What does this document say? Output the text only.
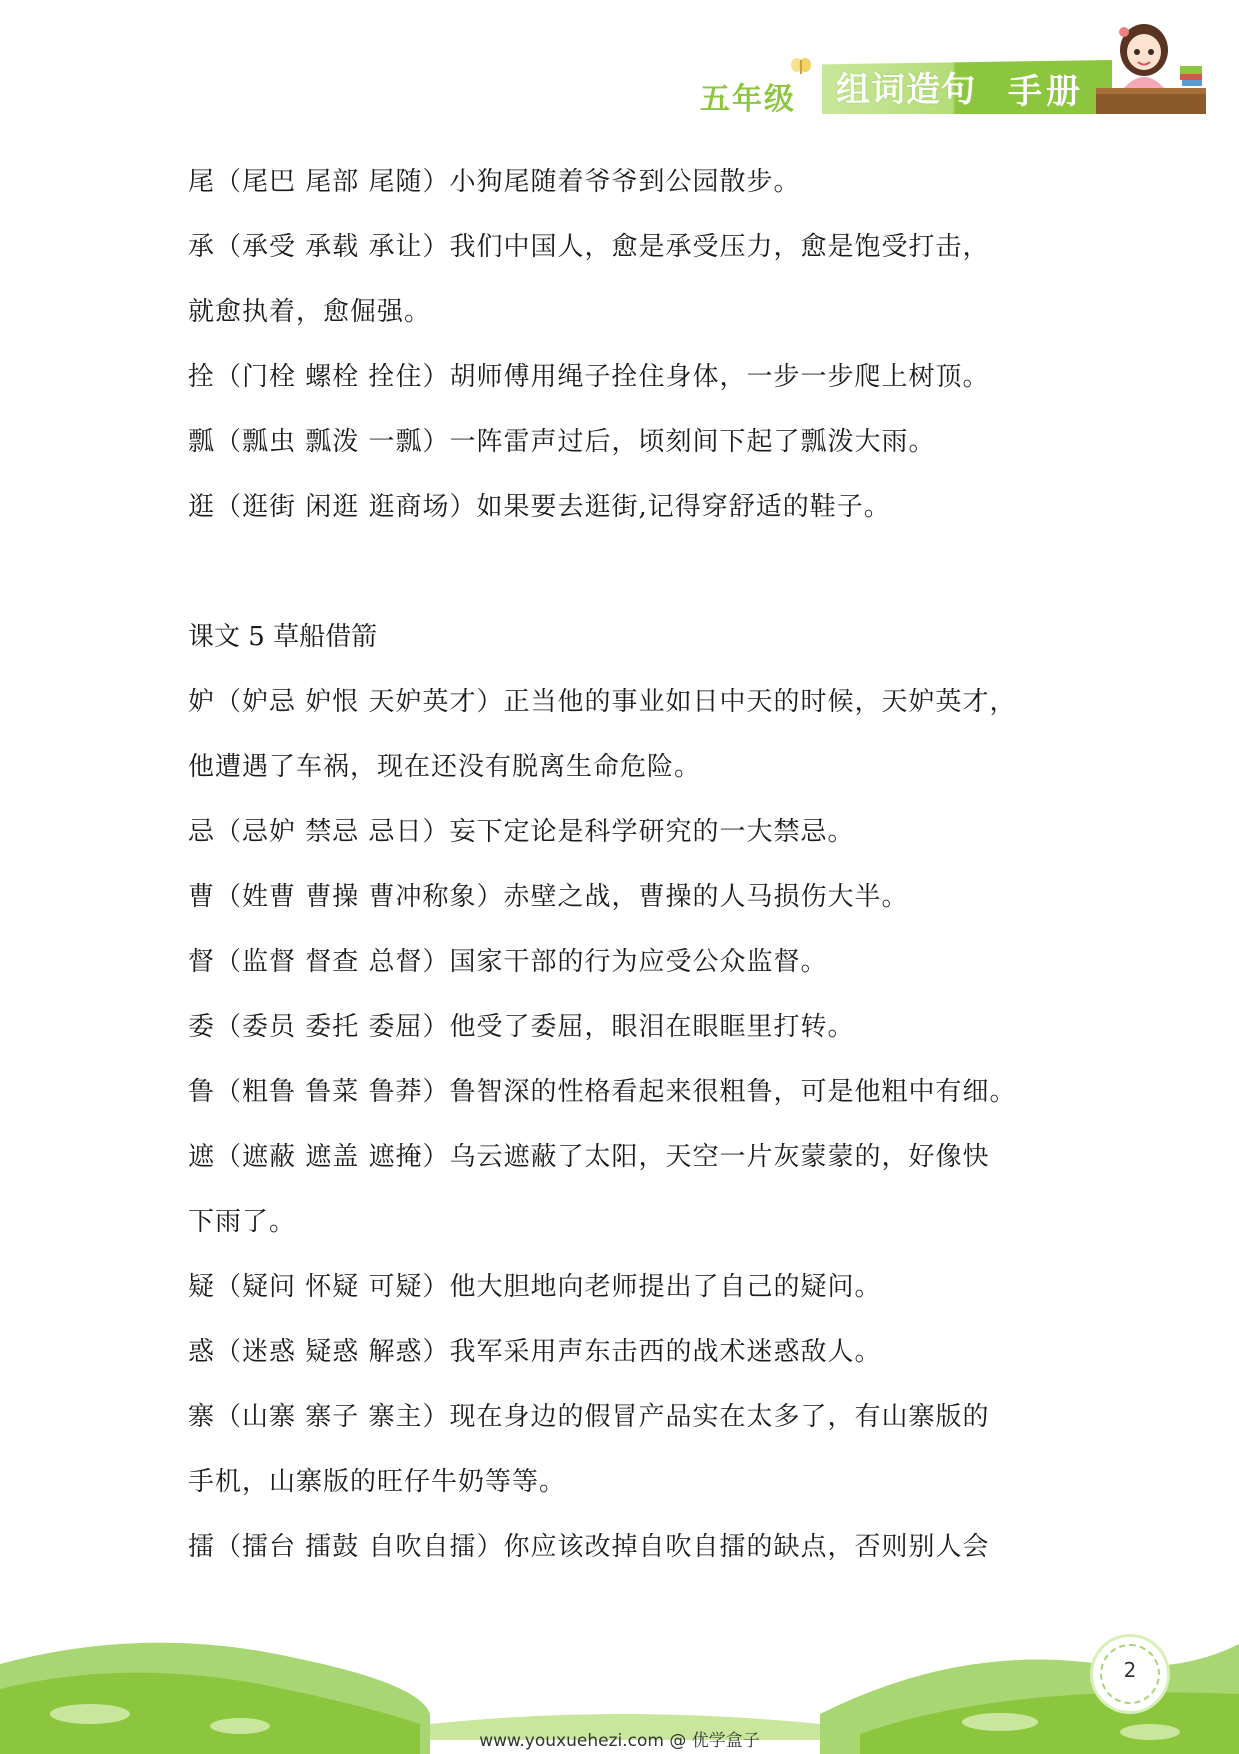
五年级 组词造句 手册
尾（尾巴 尾部 尾随）小狗尾随着爷爷到公园散步。
承（承受 承载 承让）我们中国人，愈是承受压力，愈是饱受打击，
就愈执着，愈倔强。
拴（门栓 螺栓 拴住）胡师傅用绳子拴住身体，一步一步爬上树顶。
瓢（瓢虫 瓢泼 一瓢）一阵雷声过后，顷刻间下起了瓢泼大雨。
逛（逛街 闲逛 逛商场）如果要去逛街,记得穿舒适的鞋子。
课文 5 草船借箭
妒（妒忌 妒恨 天妒英才）正当他的事业如日中天的时候，天妒英才，
他遭遇了车祸，现在还没有脱离生命危险。
忌（忌妒 禁忌 忌日）妄下定论是科学研究的一大禁忌。
曹（姓曹 曹操 曹冲称象）赤壁之战，曹操的人马损伤大半。
督（监督 督查 总督）国家干部的行为应受公众监督。
委（委员 委托 委屈）他受了委屈，眼泪在眼眶里打转。
鲁（粗鲁 鲁菜 鲁莽）鲁智深的性格看起来很粗鲁，可是他粗中有细。
遮（遮蔽 遮盖 遮掩）乌云遮蔽了太阳，天空一片灰蒙蒙的，好像快
下雨了。
疑（疑问 怀疑 可疑）他大胆地向老师提出了自己的疑问。
惑（迷惑 疑惑 解惑）我军采用声东击西的战术迷惑敌人。
寨（山寨 寨子 寨主）现在身边的假冒产品实在太多了，有山寨版的
手机，山寨版的旺仔牛奶等等。
擂（擂台 擂鼓 自吹自擂）你应该改掉自吹自擂的缺点，否则别人会
2
www.youxuehezi.com @ 优学盒子
